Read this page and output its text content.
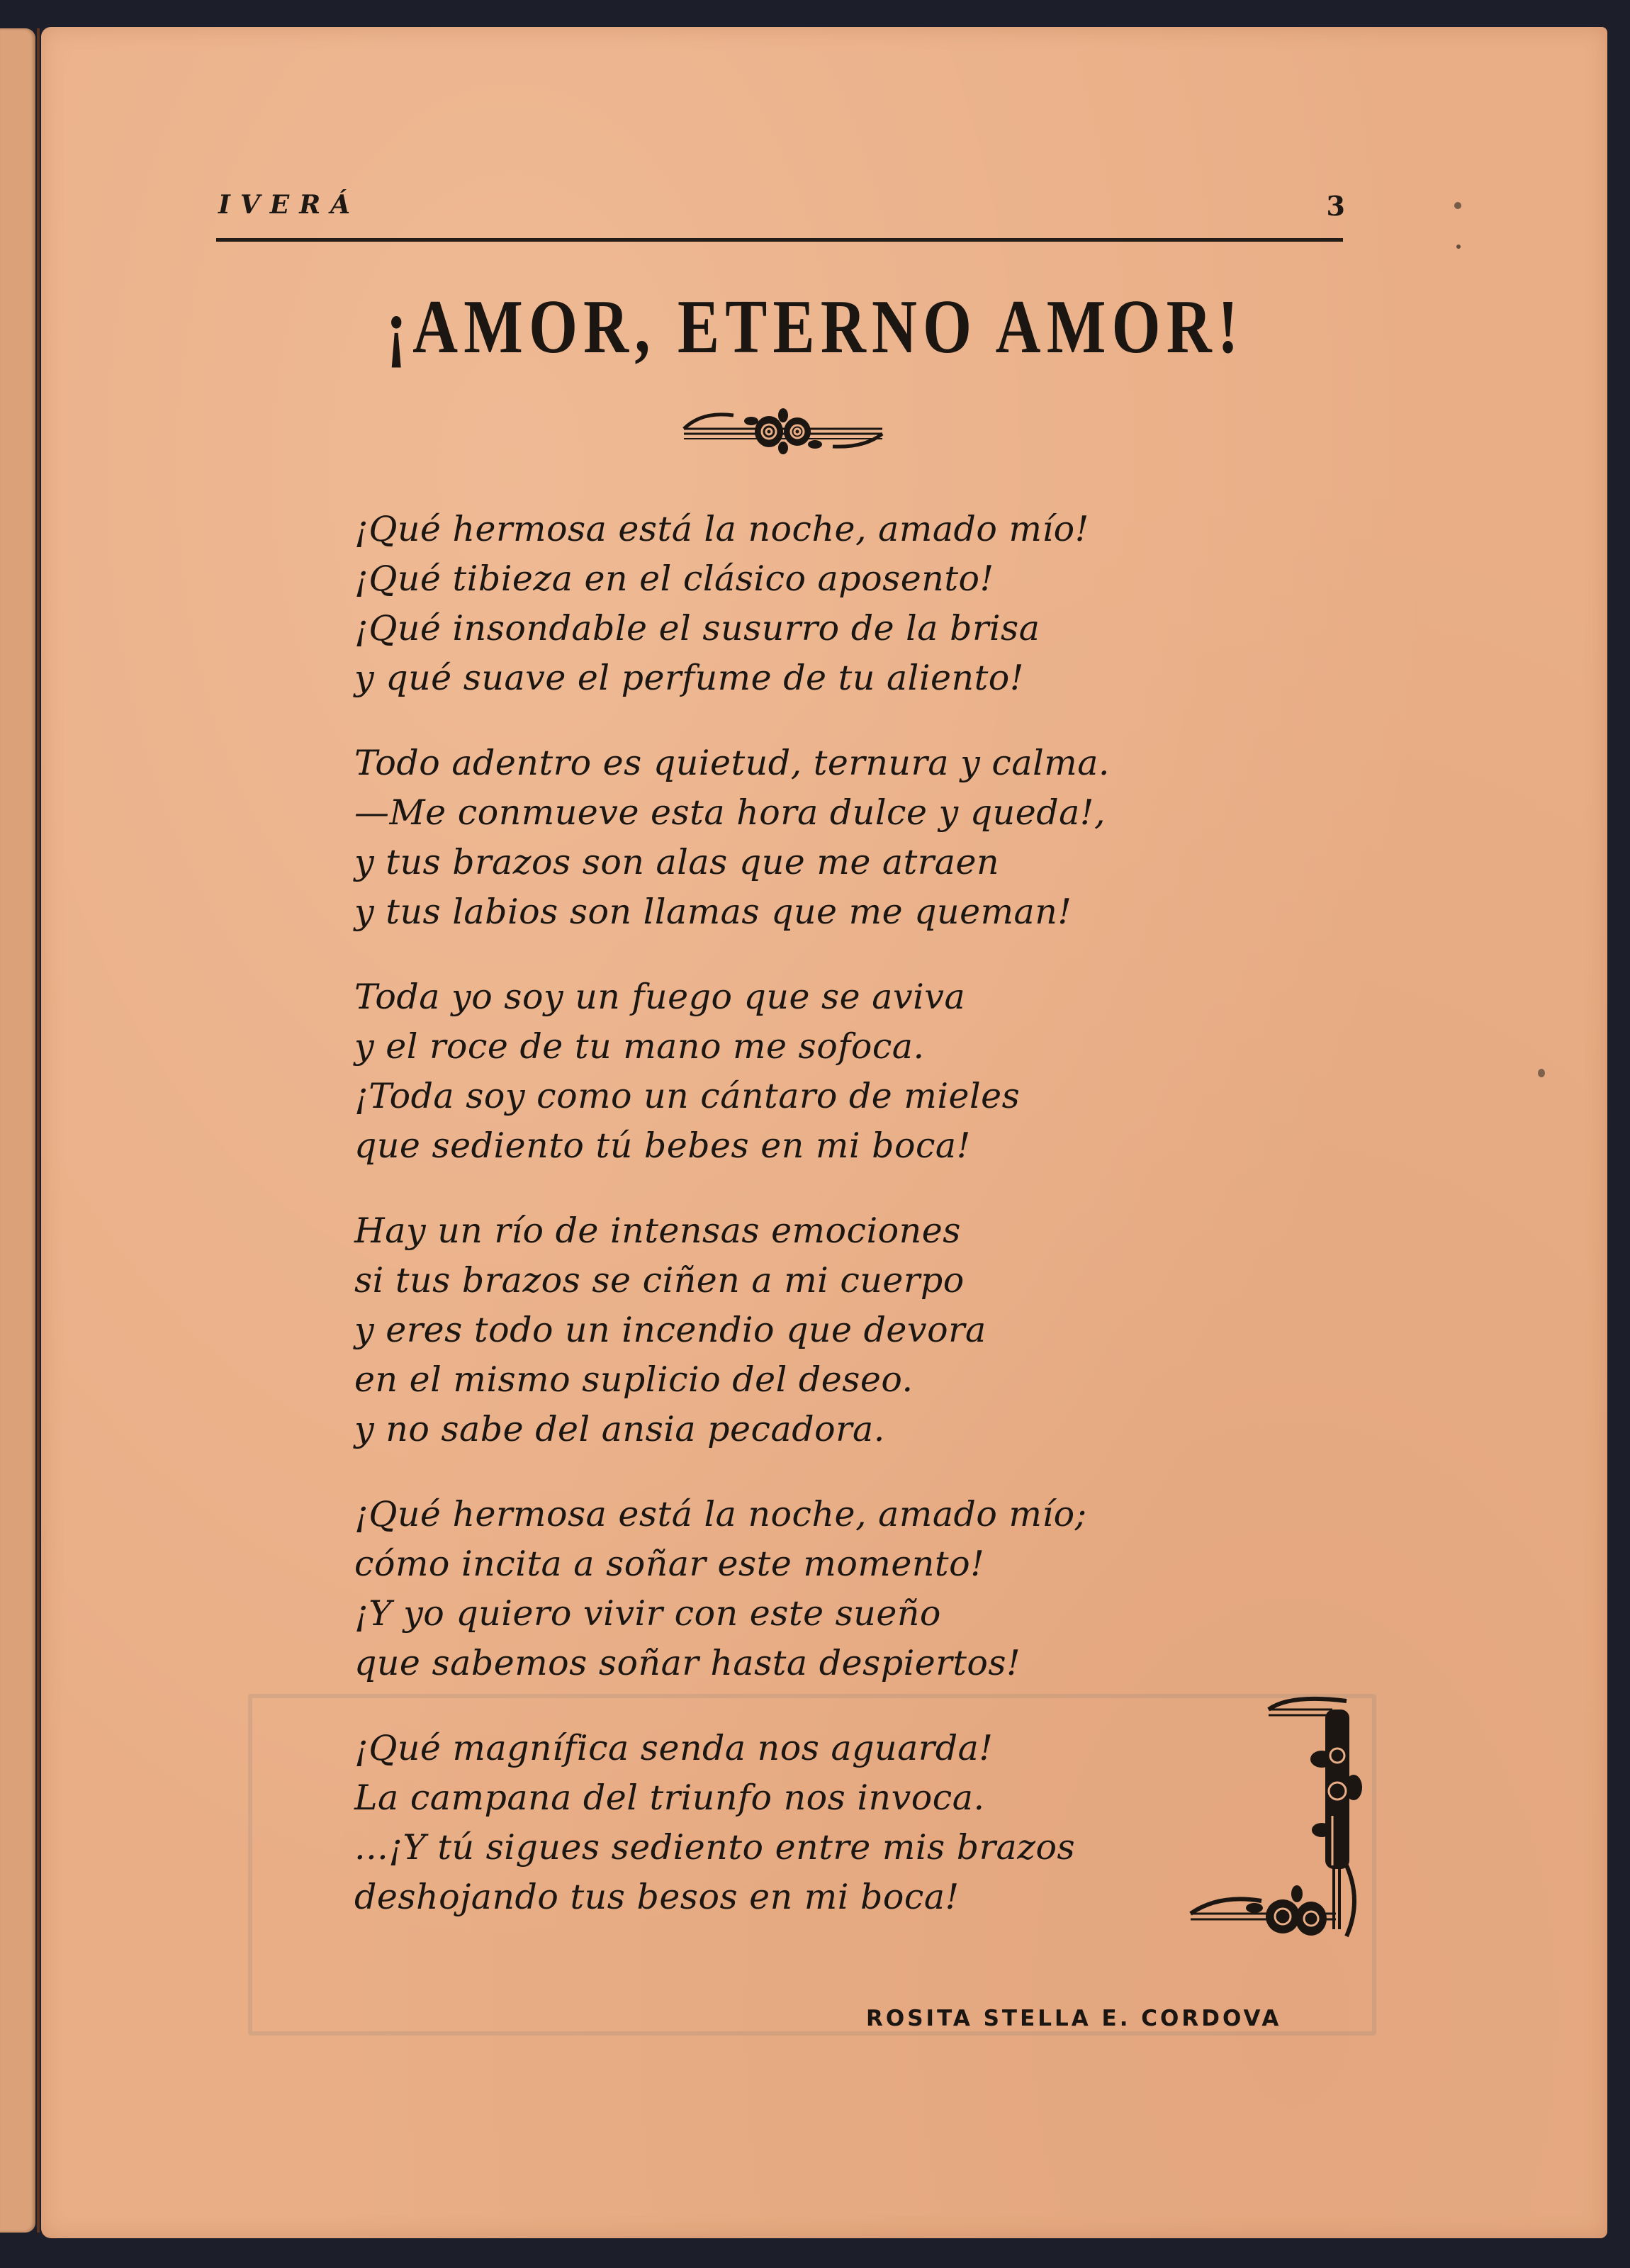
IVERÁ	3
¡AMOR, ETERNO AMOR!
¡Qué hermosa está la noche, amado mío!
¡Qué tibieza en el clásico aposento!
¡Qué insondable el susurro de la brisa
y qué suave el perfume de tu aliento!
Todo adentro es quietud, ternura y calma.
—Me conmueve esta hora dulce y queda!,
y tus brazos son alas que me atraen
y tus labios son llamas que me queman!
Toda yo soy un fuego que se aviva
y el roce de tu mano me sofoca.
¡Toda soy como un cántaro de mieles
que sediento tú bebes en mi boca!
Hay un río de intensas emociones
si tus brazos se ciñen a mi cuerpo
y eres todo un incendio que devora
en el mismo suplicio del deseo.
y no sabe del ansia pecadora.
¡Qué hermosa está la noche, amado mío;
cómo incita a soñar este momento!
¡Y yo quiero vivir con este sueño
que sabemos soñar hasta despiertos!
¡Qué magnífica senda nos aguarda!
La campana del triunfo nos invoca.
...¡Y tú sigues sediento entre mis brazos
deshojando tus besos en mi boca!
ROSITA STELLA E. CORDOVA
